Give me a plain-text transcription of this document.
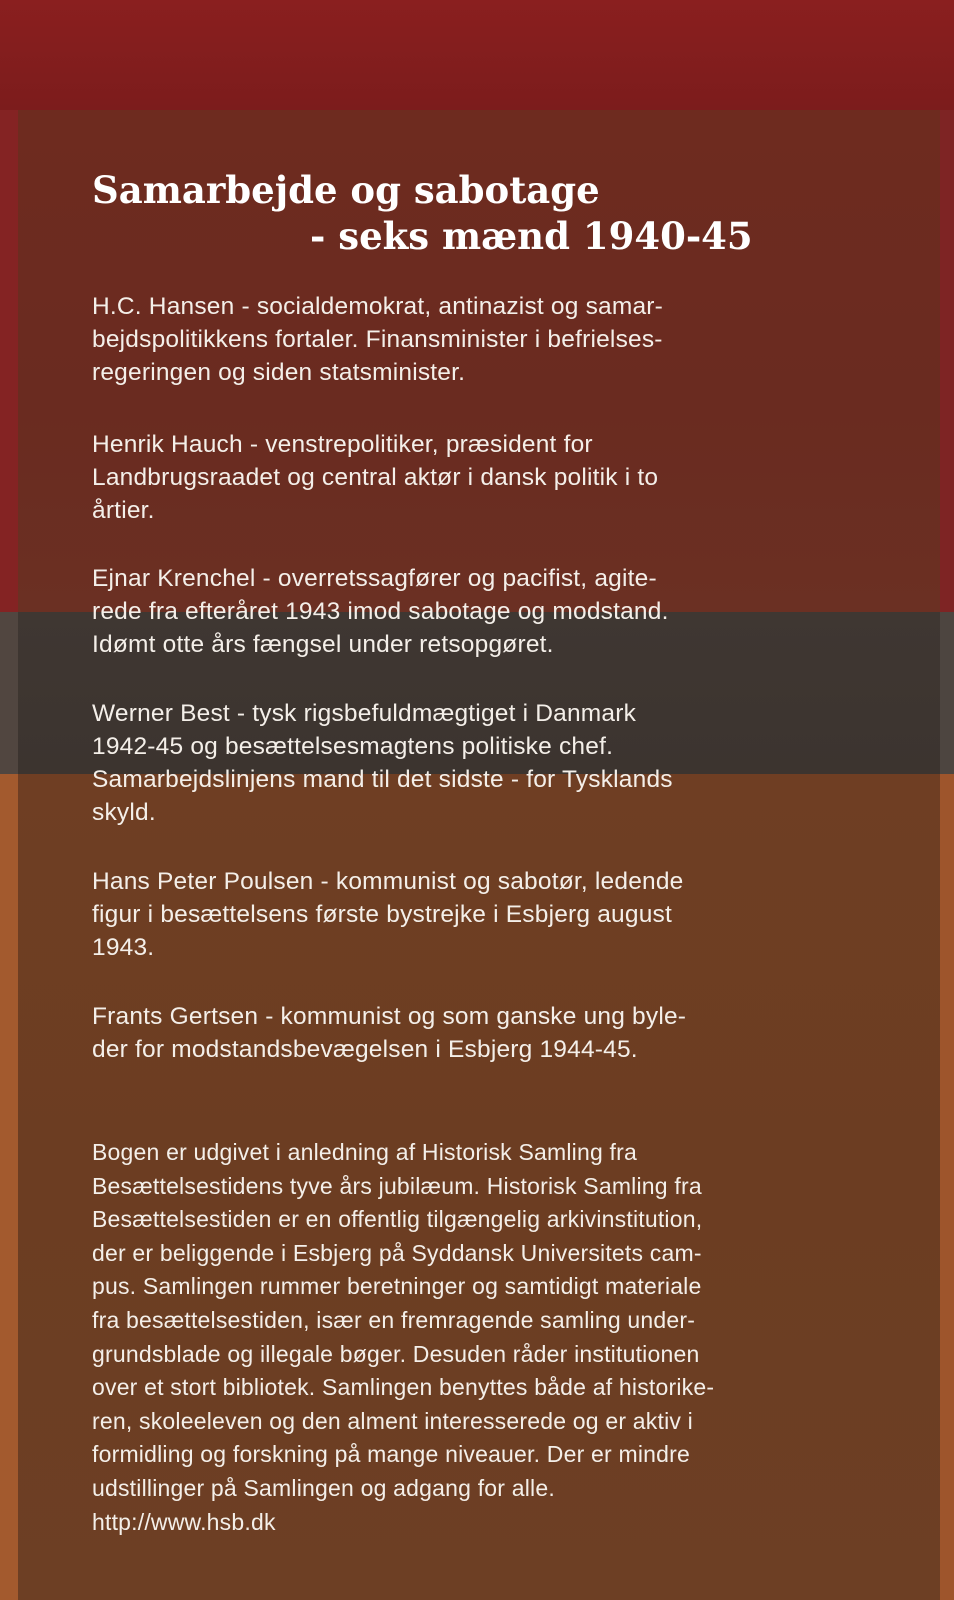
Samarbejde og sabotage
- seks mænd 1940-45
H.C. Hansen - socialdemokrat, antinazist og samar-
bejdspolitikkens fortaler. Finansminister i befrielses-
regeringen og siden statsminister.
Henrik Hauch - venstrepolitiker, præsident for
Landbrugsraadet og central aktør i dansk politik i to
årtier.
Ejnar Krenchel - overretssagfører og pacifist, agite-
rede fra efteråret 1943 imod sabotage og modstand.
Idømt otte års fængsel under retsopgøret.
Werner Best - tysk rigsbefuldmægtiget i Danmark
1942-45 og besættelsesmagtens politiske chef.
Samarbejdslinjens mand til det sidste - for Tysklands
skyld.
Hans Peter Poulsen - kommunist og sabotør, ledende
figur i besættelsens første bystrejke i Esbjerg august
1943.
Frants Gertsen - kommunist og som ganske ung byle-
der for modstandsbevægelsen i Esbjerg 1944-45.
Bogen er udgivet i anledning af Historisk Samling fra
Besættelsestidens tyve års jubilæum. Historisk Samling fra
Besættelsestiden er en offentlig tilgængelig arkivinstitution,
der er beliggende i Esbjerg på Syddansk Universitets cam-
pus. Samlingen rummer beretninger og samtidigt materiale
fra besættelsestiden, især en fremragende samling under-
grundsblade og illegale bøger. Desuden råder institutionen
over et stort bibliotek. Samlingen benyttes både af historike-
ren, skoleeleven og den alment interesserede og er aktiv i
formidling og forskning på mange niveauer. Der er mindre
udstillinger på Samlingen og adgang for alle.
http://www.hsb.dk
